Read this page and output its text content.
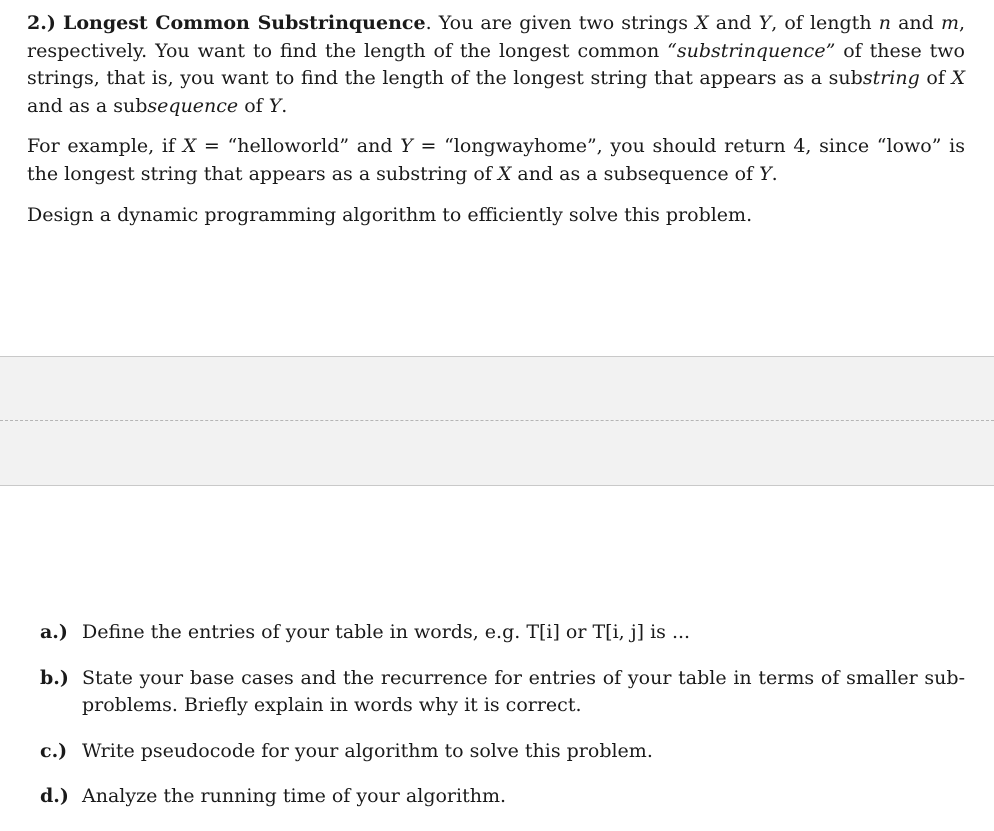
2.) Longest Common Substrinquence. You are given two strings X and Y, of length n and m, respectively. You want to find the length of the longest common “substrinquence” of these two strings, that is, you want to find the length of the longest string that appears as a substring of X and as a subsequence of Y.

For example, if X = “helloworld” and Y = “longwayhome”, you should return 4, since “lowo” is the longest string that appears as a substring of X and as a subsequence of Y.

Design a dynamic programming algorithm to efficiently solve this problem.

a.) Define the entries of your table in words, e.g. T[i] or T[i, j] is ...
b.) State your base cases and the recurrence for entries of your table in terms of smaller sub-problems. Briefly explain in words why it is correct.
c.) Write pseudocode for your algorithm to solve this problem.
d.) Analyze the running time of your algorithm.
